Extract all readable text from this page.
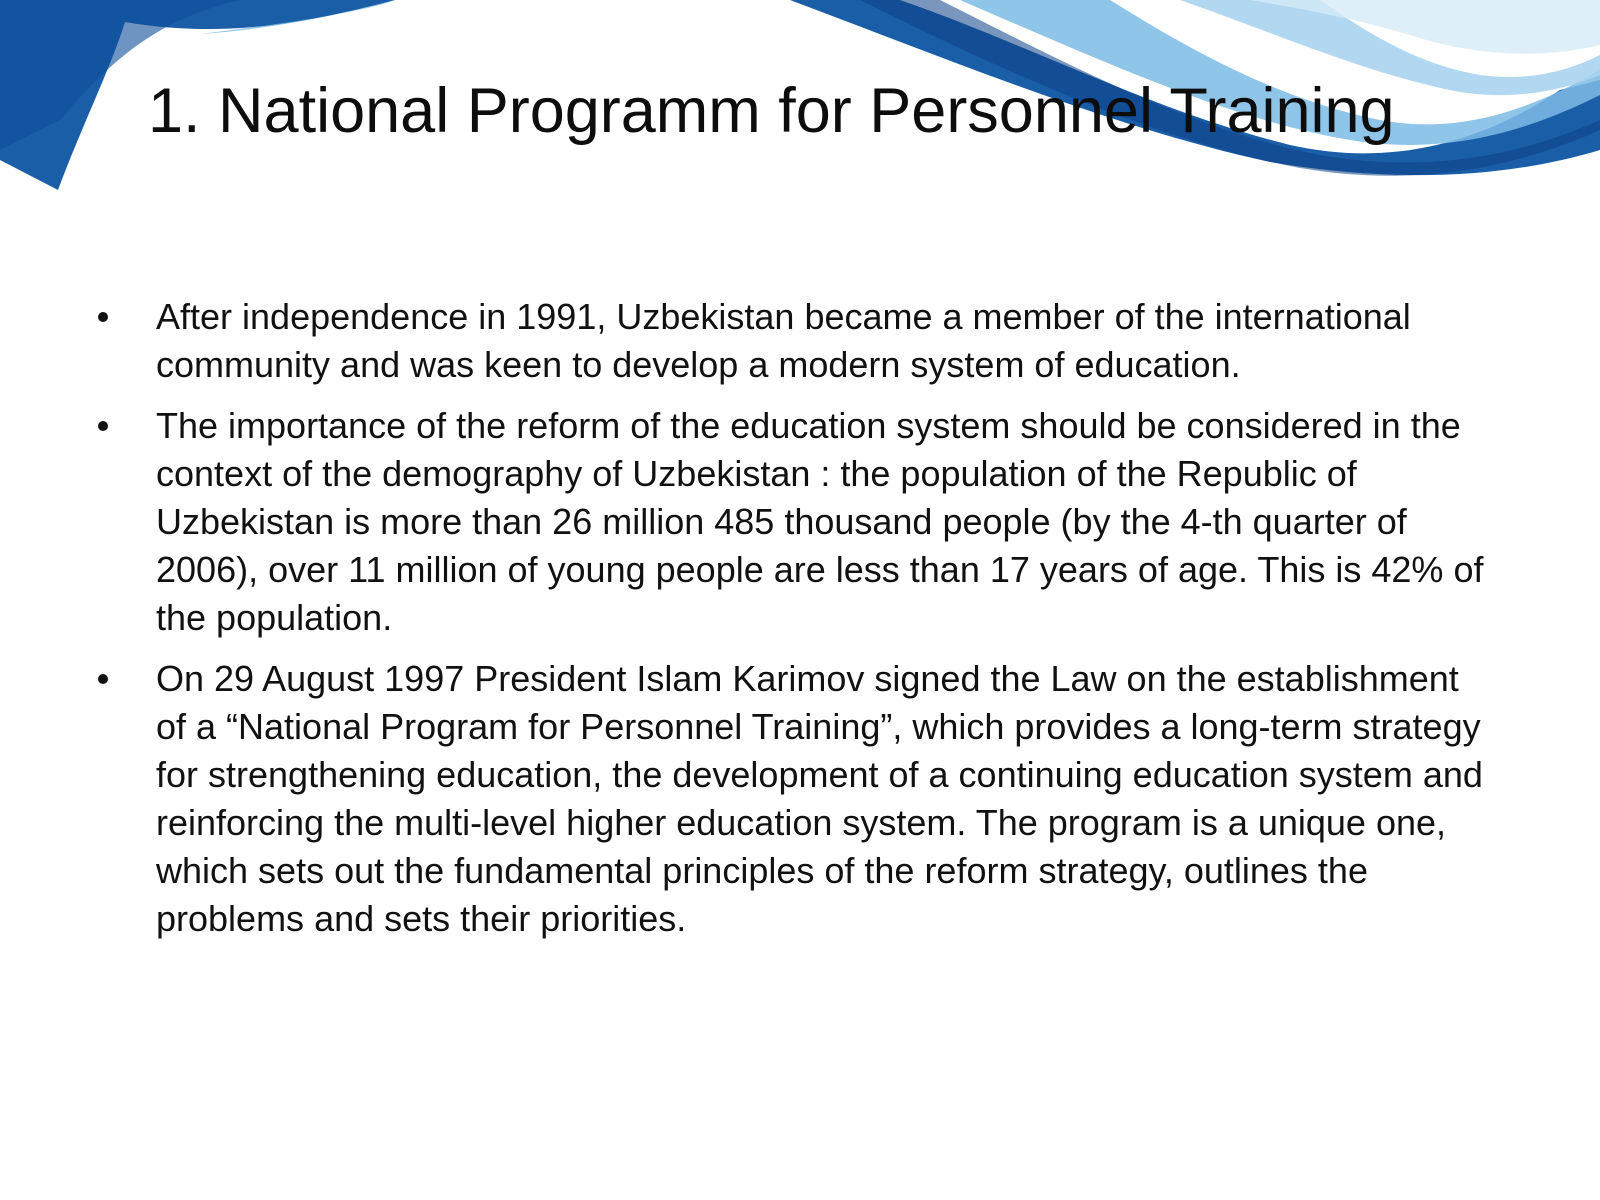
1. National Programm for Personnel Training
After independence in 1991, Uzbekistan became a member of the international community and was keen to develop a modern system of education.
The importance of the reform of the education system should be considered in the context of the demography of Uzbekistan : the population of the Republic of Uzbekistan is more than 26 million 485 thousand people (by the 4-th quarter of 2006), over 11 million of young people are less than 17 years of age. This is 42% of the population.
On 29 August 1997 President Islam Karimov signed the Law on the establishment of a “National Program for Personnel Training”, which provides a long-term strategy for strengthening education, the development of a continuing education system and reinforcing the multi-level higher education system. The program is a unique one, which sets out the fundamental principles of the reform strategy, outlines the problems and sets their priorities.
